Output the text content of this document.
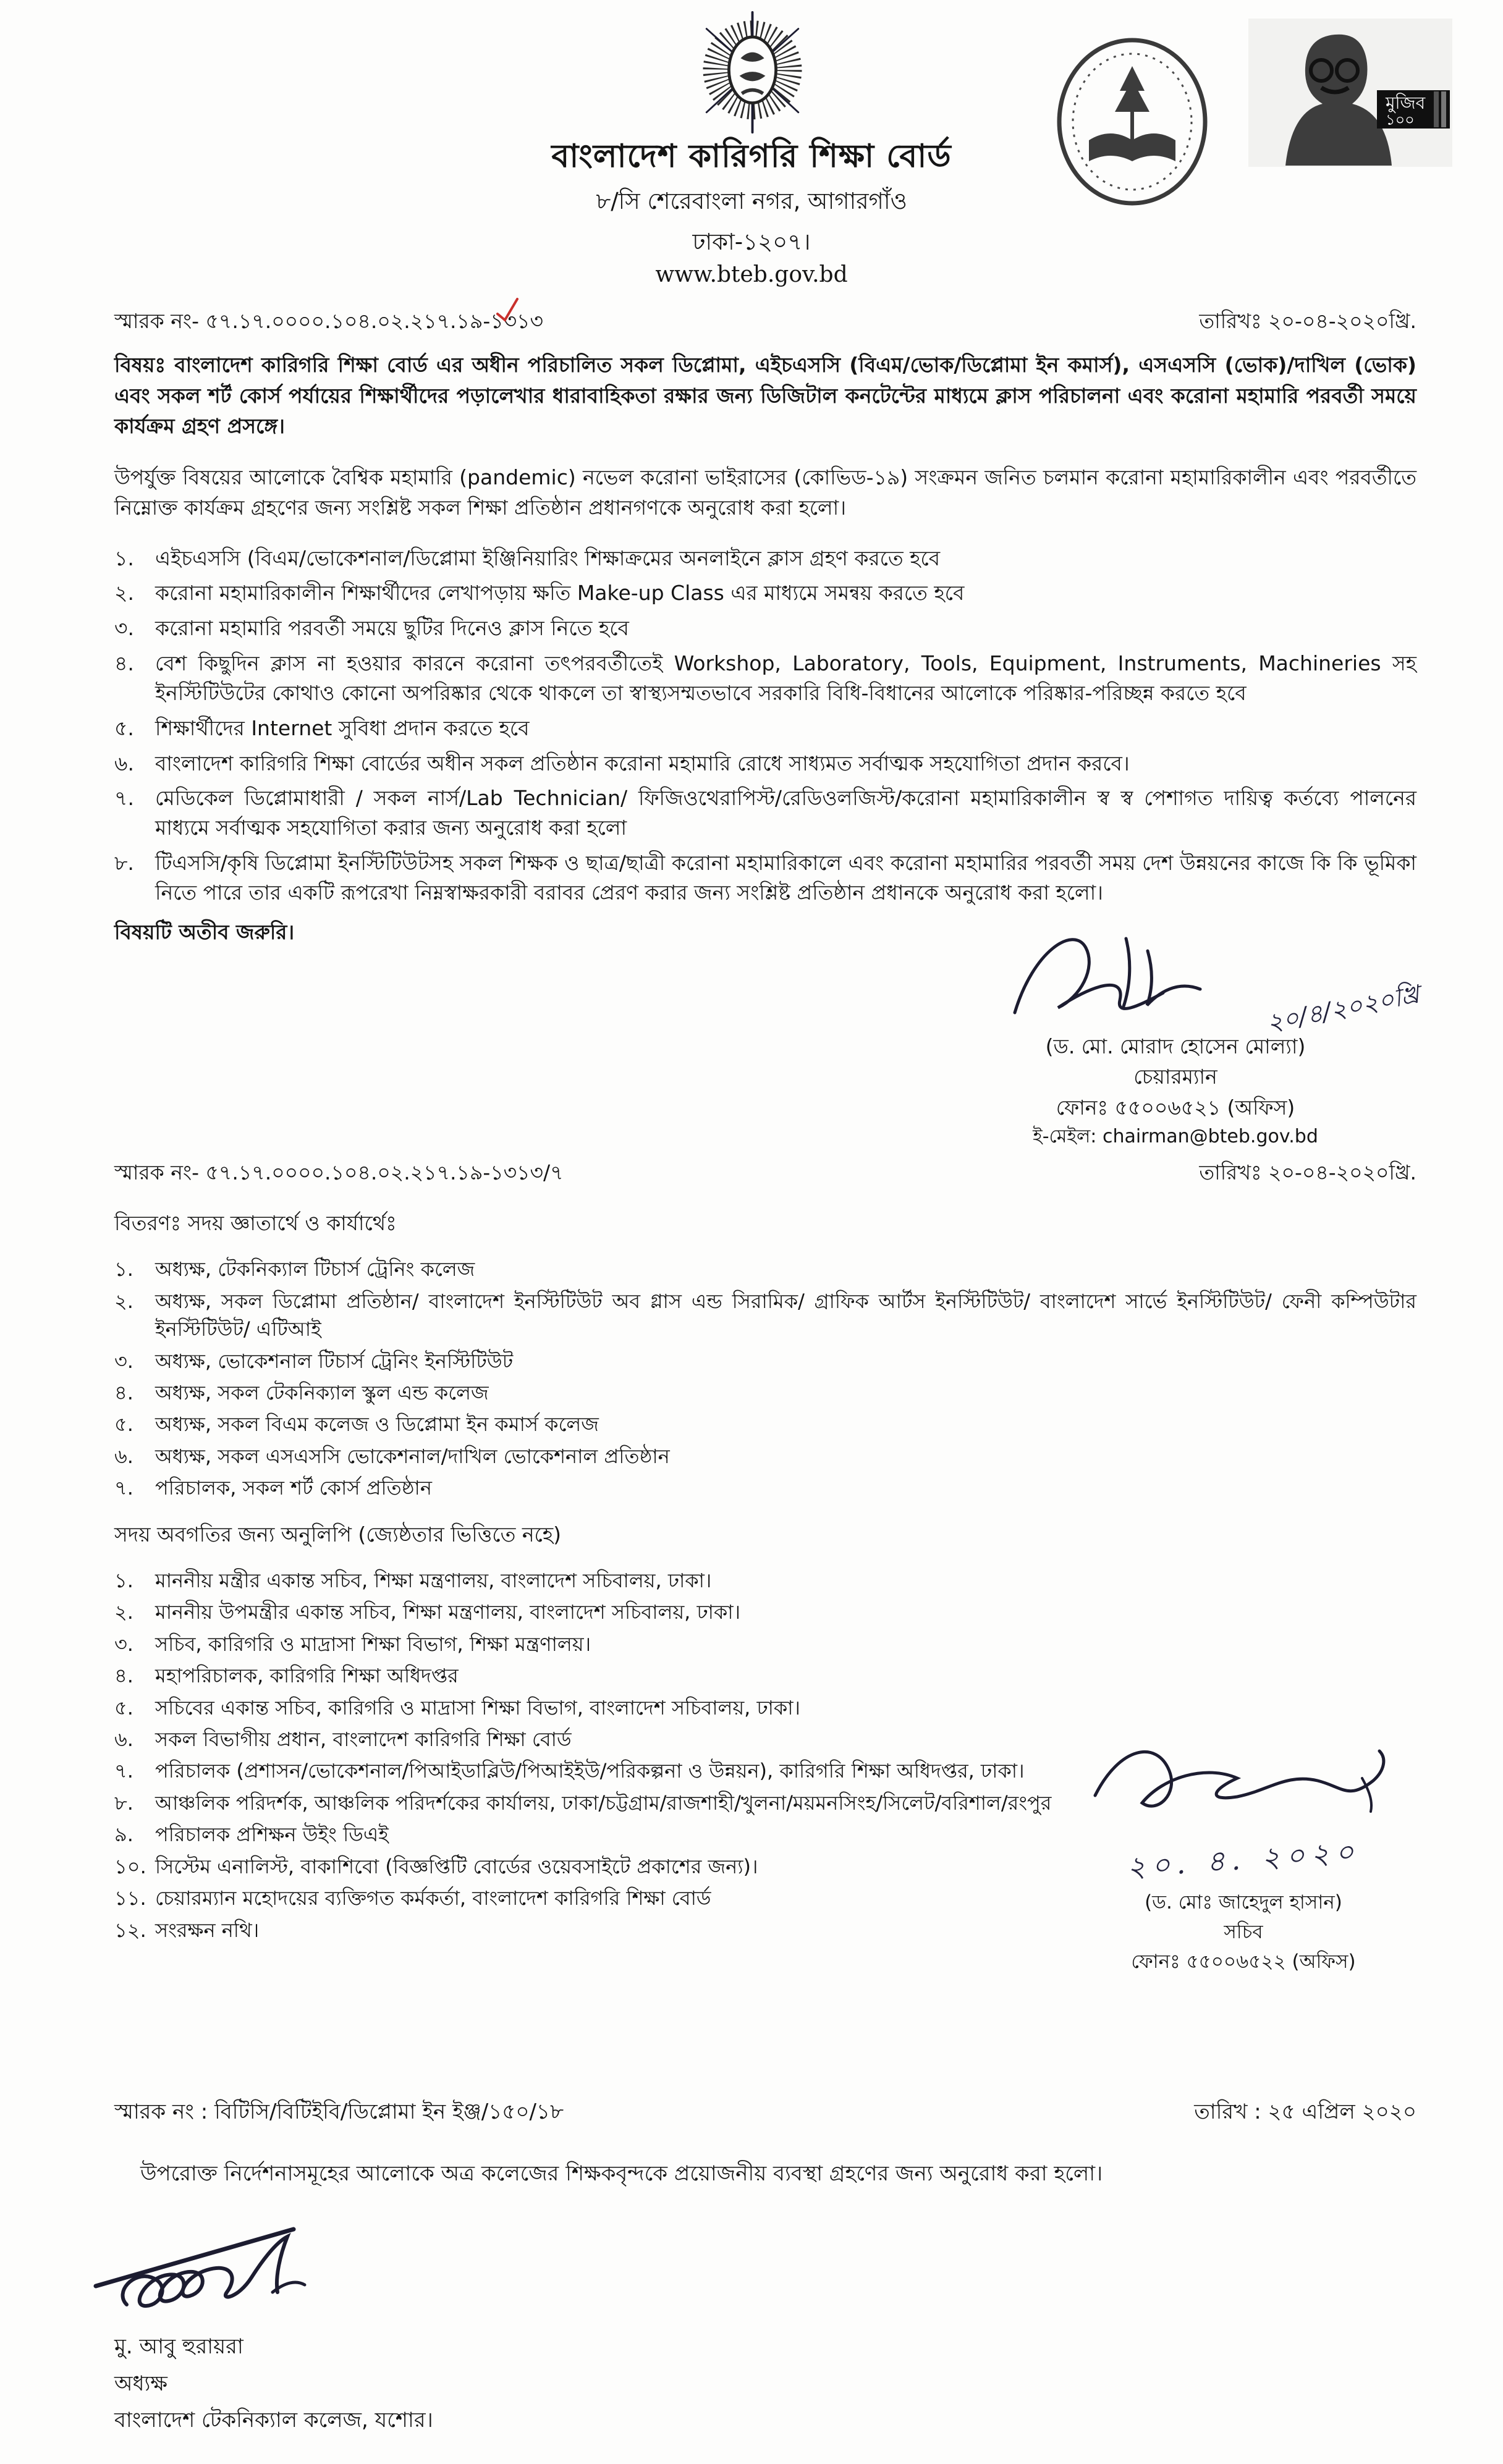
মুজিব
১০০
বাংলাদেশ কারিগরি শিক্ষা বোর্ড
৮/সি শেরেবাংলা নগর, আগারগাঁও
ঢাকা-১২০৭।
www.bteb.gov.bd
স্মারক নং- ৫৭.১৭.০০০০.১০৪.০২.২১৭.১৯-১৩১৩	তারিখঃ ২০-০৪-২০২০খ্রি.

বিষয়ঃ বাংলাদেশ কারিগরি শিক্ষা বোর্ড এর অধীন পরিচালিত সকল ডিপ্লোমা, এইচএসসি (বিএম/ভোক/ডিপ্লোমা ইন কমার্স), এসএসসি (ভোক)/দাখিল (ভোক) এবং সকল শর্ট কোর্স পর্যায়ের শিক্ষার্থীদের পড়ালেখার ধারাবাহিকতা রক্ষার জন্য ডিজিটাল কনটেন্টের মাধ্যমে ক্লাস পরিচালনা এবং করোনা মহামারি পরবর্তী সময়ে কার্যক্রম গ্রহণ প্রসঙ্গে।

উপর্যুক্ত বিষয়ের আলোকে বৈশ্বিক মহামারি (pandemic) নভেল করোনা ভাইরাসের (কোভিড-১৯) সংক্রমন জনিত চলমান করোনা মহামারিকালীন এবং পরবর্তীতে নিম্নোক্ত কার্যক্রম গ্রহণের জন্য সংশ্লিষ্ট সকল শিক্ষা প্রতিষ্ঠান প্রধানগণকে অনুরোধ করা হলো।

১.	এইচএসসি (বিএম/ভোকেশনাল/ডিপ্লোমা ইঞ্জিনিয়ারিং শিক্ষাক্রমের অনলাইনে ক্লাস গ্রহণ করতে হবে
২.	করোনা মহামারিকালীন শিক্ষার্থীদের লেখাপড়ায় ক্ষতি Make-up Class এর মাধ্যমে সমন্বয় করতে হবে
৩.	করোনা মহামারি পরবর্তী সময়ে ছুটির দিনেও ক্লাস নিতে হবে
৪.	বেশ কিছুদিন ক্লাস না হওয়ার কারনে করোনা তৎপরবর্তীতেই Workshop, Laboratory, Tools, Equipment, Instruments, Machineries সহ ইনস্টিটিউটের কোথাও কোনো অপরিষ্কার থেকে থাকলে তা স্বাস্থ্যসম্মতভাবে সরকারি বিধি-বিধানের আলোকে পরিষ্কার-পরিচ্ছন্ন করতে হবে
৫.	শিক্ষার্থীদের Internet সুবিধা প্রদান করতে হবে
৬.	বাংলাদেশ কারিগরি শিক্ষা বোর্ডের অধীন সকল প্রতিষ্ঠান করোনা মহামারি রোধে সাধ্যমত সর্বাত্মক সহযোগিতা প্রদান করবে।
৭.	মেডিকেল ডিপ্লোমাধারী / সকল নার্স/Lab Technician/ ফিজিওথেরাপিস্ট/রেডিওলজিস্ট/করোনা মহামারিকালীন স্ব স্ব পেশাগত দায়িত্ব কর্তব্যে পালনের মাধ্যমে সর্বাত্মক সহযোগিতা করার জন্য অনুরোধ করা হলো
৮.	টিএসসি/কৃষি ডিপ্লোমা ইনস্টিটিউটসহ সকল শিক্ষক ও ছাত্র/ছাত্রী করোনা মহামারিকালে এবং করোনা মহামারির পরবর্তী সময় দেশ উন্নয়নের কাজে কি কি ভূমিকা নিতে পারে তার একটি রূপরেখা নিম্নস্বাক্ষরকারী বরাবর প্রেরণ করার জন্য সংশ্লিষ্ট প্রতিষ্ঠান প্রধানকে অনুরোধ করা হলো।
বিষয়টি অতীব জরুরি।
২০/৪/২০২০খ্রি
(ড. মো. মোরাদ হোসেন মোল্যা)
চেয়ারম্যান
ফোনঃ ৫৫০০৬৫২১ (অফিস)
ই-মেইল: chairman@bteb.gov.bd
স্মারক নং- ৫৭.১৭.০০০০.১০৪.০২.২১৭.১৯-১৩১৩/৭	তারিখঃ ২০-০৪-২০২০খ্রি.
বিতরণঃ সদয় জ্ঞাতার্থে ও কার্যার্থেঃ
১.	অধ্যক্ষ, টেকনিক্যাল টিচার্স ট্রেনিং কলেজ
২.	অধ্যক্ষ, সকল ডিপ্লোমা প্রতিষ্ঠান/ বাংলাদেশ ইনস্টিটিউট অব গ্লাস এন্ড সিরামিক/ গ্রাফিক আর্টস ইনস্টিটিউট/ বাংলাদেশ সার্ভে ইনস্টিটিউট/ ফেনী কম্পিউটার ইনস্টিটিউট/ এটিআই
৩.	অধ্যক্ষ, ভোকেশনাল টিচার্স ট্রেনিং ইনস্টিটিউট
৪.	অধ্যক্ষ, সকল টেকনিক্যাল স্কুল এন্ড কলেজ
৫.	অধ্যক্ষ, সকল বিএম কলেজ ও ডিপ্লোমা ইন কমার্স কলেজ
৬.	অধ্যক্ষ, সকল এসএসসি ভোকেশনাল/দাখিল ভোকেশনাল প্রতিষ্ঠান
৭.	পরিচালক, সকল শর্ট কোর্স প্রতিষ্ঠান
সদয় অবগতির জন্য অনুলিপি (জ্যেষ্ঠতার ভিত্তিতে নহে)
১.	মাননীয় মন্ত্রীর একান্ত সচিব, শিক্ষা মন্ত্রণালয়, বাংলাদেশ সচিবালয়, ঢাকা।
২.	মাননীয় উপমন্ত্রীর একান্ত সচিব, শিক্ষা মন্ত্রণালয়, বাংলাদেশ সচিবালয়, ঢাকা।
৩.	সচিব, কারিগরি ও মাদ্রাসা শিক্ষা বিভাগ, শিক্ষা মন্ত্রণালয়।
৪.	মহাপরিচালক, কারিগরি শিক্ষা অধিদপ্তর
৫.	সচিবের একান্ত সচিব, কারিগরি ও মাদ্রাসা শিক্ষা বিভাগ, বাংলাদেশ সচিবালয়, ঢাকা।
৬.	সকল বিভাগীয় প্রধান, বাংলাদেশ কারিগরি শিক্ষা বোর্ড
৭.	পরিচালক (প্রশাসন/ভোকেশনাল/পিআইডাব্লিউ/পিআইইউ/পরিকল্পনা ও উন্নয়ন), কারিগরি শিক্ষা অধিদপ্তর, ঢাকা।
৮.	আঞ্চলিক পরিদর্শক, আঞ্চলিক পরিদর্শকের কার্যালয়, ঢাকা/চট্টগ্রাম/রাজশাহী/খুলনা/ময়মনসিংহ/সিলেট/বরিশাল/রংপুর
৯.	পরিচালক প্রশিক্ষন উইং ডিএই
১০. সিস্টেম এনালিস্ট, বাকাশিবো (বিজ্ঞপ্তিটি বোর্ডের ওয়েবসাইটে প্রকাশের জন্য)।
১১. চেয়ারম্যান মহোদয়ের ব্যক্তিগত কর্মকর্তা, বাংলাদেশ কারিগরি শিক্ষা বোর্ড
১২. সংরক্ষন নথি।
২০. ৪. ২০২০
(ড. মোঃ জাহেদুল হাসান)
সচিব
ফোনঃ ৫৫০০৬৫২২ (অফিস)
স্মারক নং : বিটিসি/বিটিইবি/ডিপ্লোমা ইন ইঞ্জ/১৫০/১৮	তারিখ : ২৫ এপ্রিল ২০২০

উপরোক্ত নির্দেশনাসমূহের আলোকে অত্র কলেজের শিক্ষকবৃন্দকে প্রয়োজনীয় ব্যবস্থা গ্রহণের জন্য অনুরোধ করা হলো।

মু. আবু হুরায়রা
অধ্যক্ষ
বাংলাদেশ টেকনিক্যাল কলেজ, যশোর।
